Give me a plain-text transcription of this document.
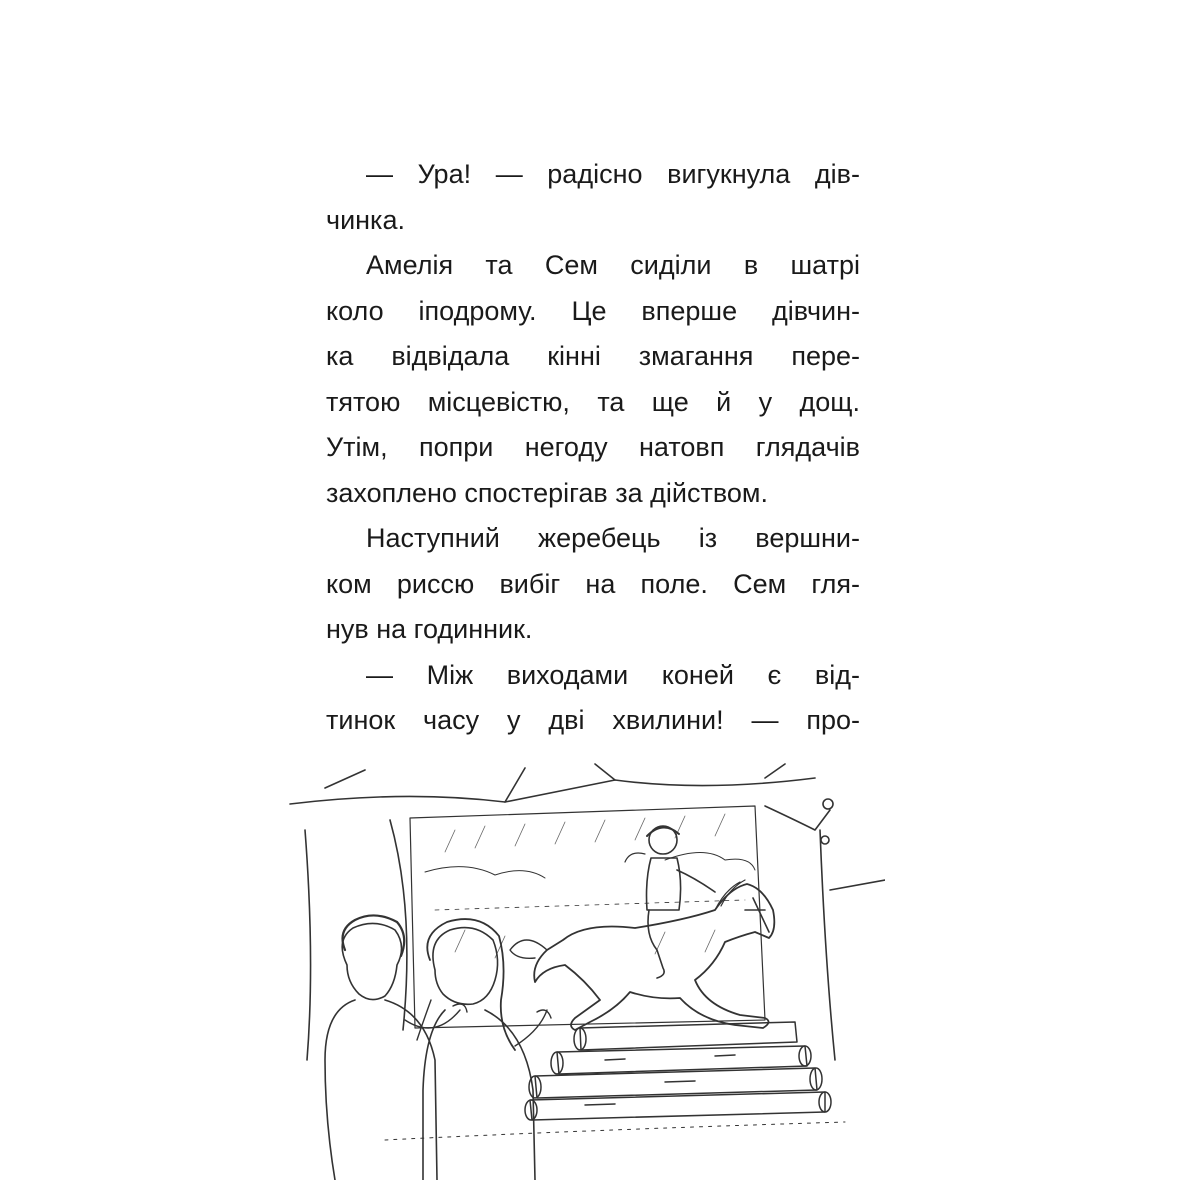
— Ура! — радісно вигукнула дів-
чинка.
Амелія та Сем сиділи в шатрі
коло іподрому. Це вперше дівчин-
ка відвідала кінні змагання пере-
тятою місцевістю, та ще й у дощ.
Утім, попри негоду натовп глядачів
захоплено спостерігав за дійством.
Наступний жеребець із вершни-
ком риссю вибіг на поле. Сем гля-
нув на годинник.
— Між виходами коней є від-
тинок часу у дві хвилини! — про-
